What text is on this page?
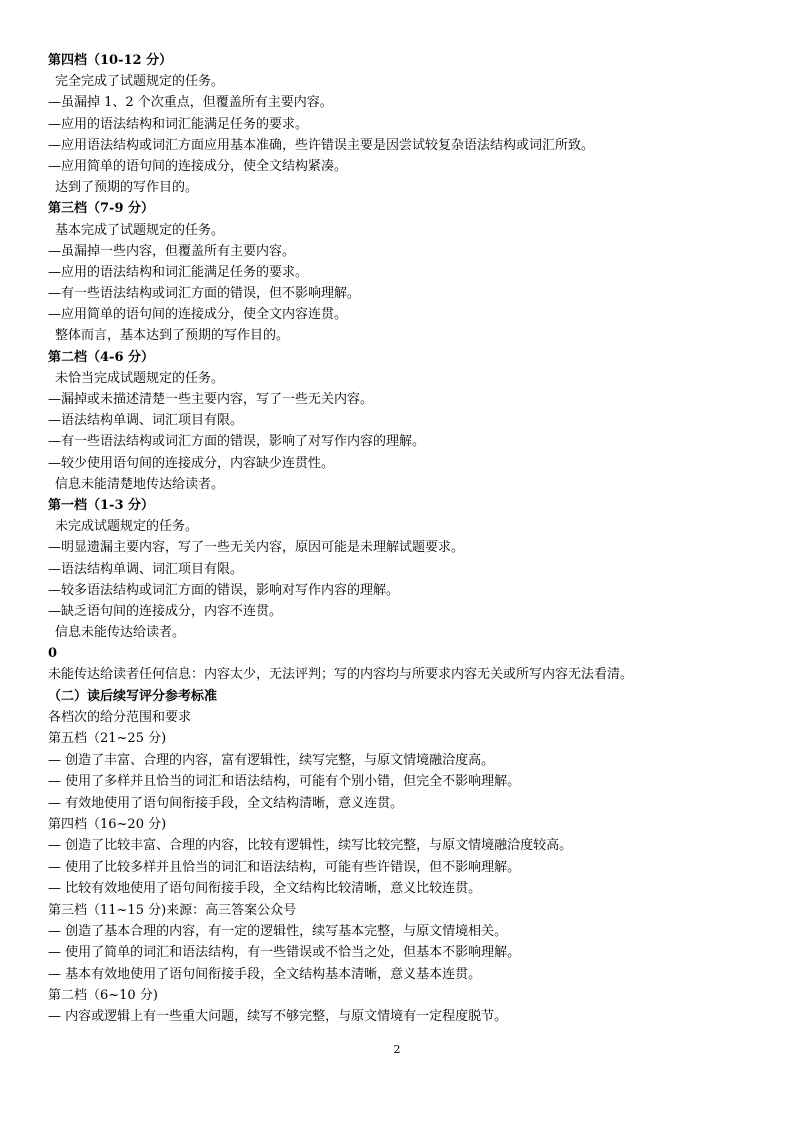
第四档（10-12 分）
完全完成了试题规定的任务。
—虽漏掉 1、2 个次重点，但覆盖所有主要内容。
—应用的语法结构和词汇能满足任务的要求。
—应用语法结构或词汇方面应用基本准确，些许错误主要是因尝试较复杂语法结构或词汇所致。
—应用简单的语句间的连接成分，使全文结构紧凑。
达到了预期的写作目的。
第三档（7-9 分）
基本完成了试题规定的任务。
—虽漏掉一些内容，但覆盖所有主要内容。
—应用的语法结构和词汇能满足任务的要求。
—有一些语法结构或词汇方面的错误，但不影响理解。
—应用简单的语句间的连接成分，使全文内容连贯。
整体而言，基本达到了预期的写作目的。
第二档（4-6 分）
未恰当完成试题规定的任务。
—漏掉或未描述清楚一些主要内容，写了一些无关内容。
—语法结构单调、词汇项目有限。
—有一些语法结构或词汇方面的错误，影响了对写作内容的理解。
—较少使用语句间的连接成分，内容缺少连贯性。
信息未能清楚地传达给读者。
第一档（1-3 分）
未完成试题规定的任务。
—明显遗漏主要内容，写了一些无关内容，原因可能是未理解试题要求。
—语法结构单调、词汇项目有限。
—较多语法结构或词汇方面的错误，影响对写作内容的理解。
—缺乏语句间的连接成分，内容不连贯。
信息未能传达给读者。
0
未能传达给读者任何信息：内容太少，无法评判；写的内容均与所要求内容无关或所写内容无法看清。
（二）读后续写评分参考标准
各档次的给分范围和要求
第五档（21~25 分)
— 创造了丰富、合理的内容，富有逻辑性，续写完整，与原文情境融洽度高。
— 使用了多样并且恰当的词汇和语法结构，可能有个别小错，但完全不影响理解。
— 有效地使用了语句间衔接手段，全文结构清晰，意义连贯。
第四档（16~20 分)
— 创造了比较丰富、合理的内容，比较有逻辑性，续写比较完整，与原文情境融洽度较高。
— 使用了比较多样并且恰当的词汇和语法结构，可能有些许错误，但不影响理解。
— 比较有效地使用了语句间衔接手段，全文结构比较清晰，意义比较连贯。
第三档（11~15 分)来源：高三答案公众号
— 创造了基本合理的内容，有一定的逻辑性，续写基本完整，与原文情境相关。
— 使用了简单的词汇和语法结构，有一些错误或不恰当之处，但基本不影响理解。
— 基本有效地使用了语句间衔接手段，全文结构基本清晰，意义基本连贯。
第二档（6~10 分)
— 内容或逻辑上有一些重大问题，续写不够完整，与原文情境有一定程度脱节。
2
